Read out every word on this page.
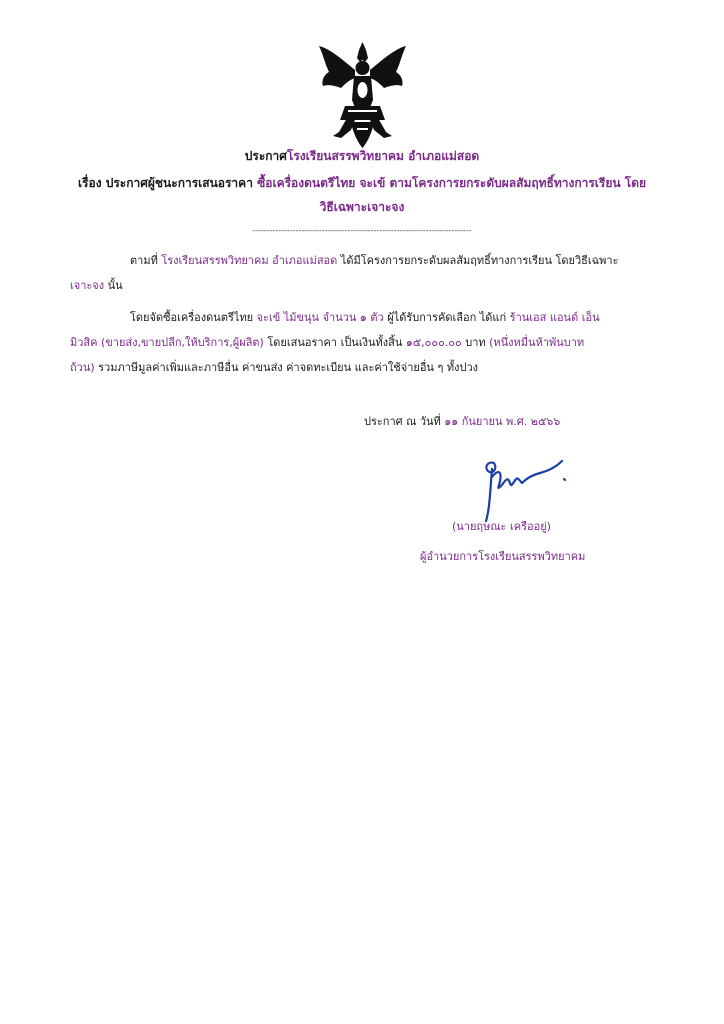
ประกาศโรงเรียนสรรพวิทยาคม อำเภอแม่สอด
เรื่อง ประกาศผู้ชนะการเสนอราคา ซื้อเครื่องดนตรีไทย จะเข้ ตามโครงการยกระดับผลสัมฤทธิ์ทางการเรียน โดย
วิธีเฉพาะเจาะจง
----------------------------------------------------------------------------
ตามที่ โรงเรียนสรรพวิทยาคม อำเภอแม่สอด ได้มีโครงการยกระดับผลสัมฤทธิ์ทางการเรียน โดยวิธีเฉพาะ
เจาะจง นั้น
โดยจัดซื้อเครื่องดนตรีไทย จะเข้ ไม้ขนุน จำนวน ๑ ตัว ผู้ได้รับการคัดเลือก ได้แก่ ร้านเอส แอนด์ เอ็น
มิวสิค (ขายส่ง,ขายปลีก,ให้บริการ,ผู้ผลิต) โดยเสนอราคา เป็นเงินทั้งสิ้น ๑๕,๐๐๐.๐๐ บาท (หนึ่งหมื่นห้าพันบาท
ถ้วน) รวมภาษีมูลค่าเพิ่มและภาษีอื่น ค่าขนส่ง ค่าจดทะเบียน และค่าใช้จ่ายอื่น ๆ ทั้งปวง
ประกาศ ณ วันที่ ๑๑ กันยายน พ.ศ. ๒๕๖๖
(นายฤษณะ เครืออยู่)
ผู้อำนวยการโรงเรียนสรรพวิทยาคม
